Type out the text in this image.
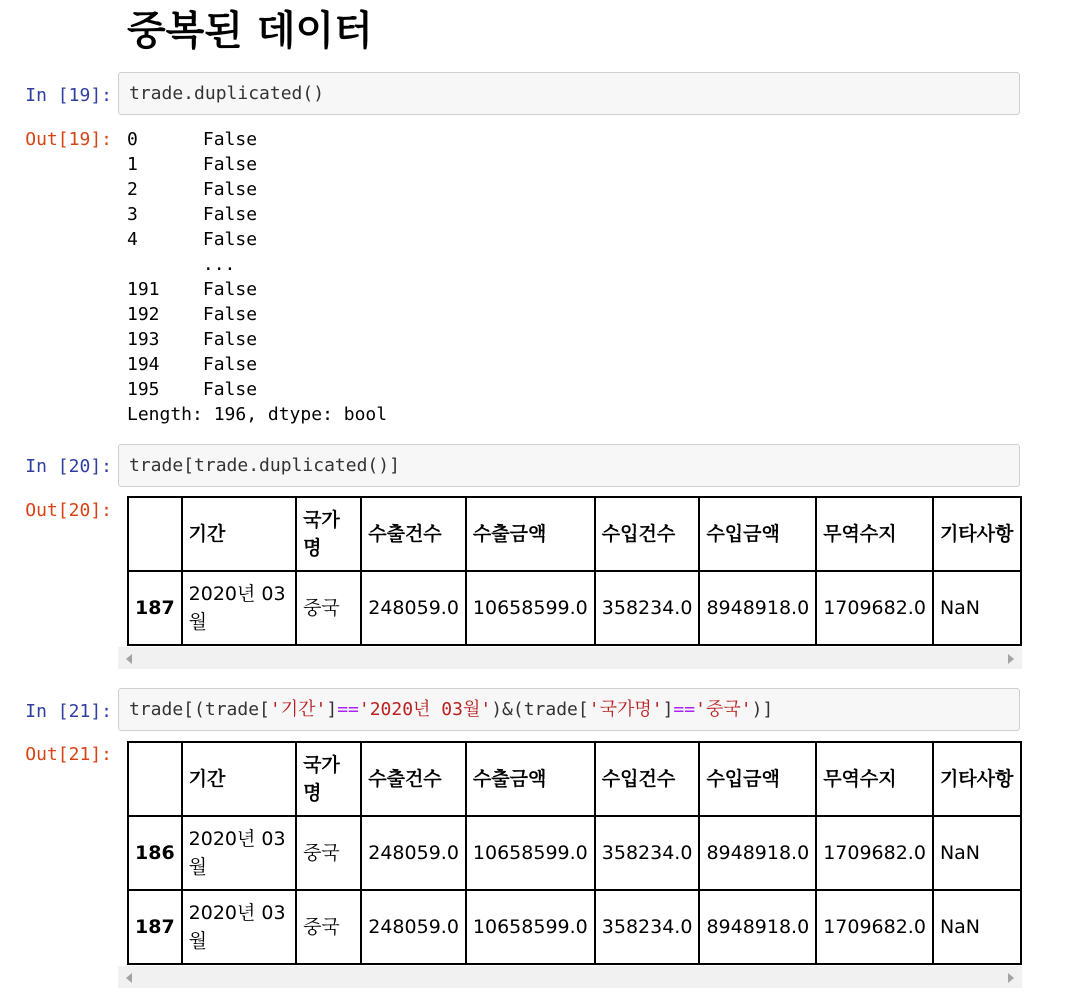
중복된 데이터
In [19]: trade.duplicated()
Out[19]: 0      False
1      False
2      False
3      False
4      False
...
191    False
192    False
193    False
194    False
195    False
Length: 196, dtype: bool
In [20]: trade[trade.duplicated()]
Out[20]:
	기간	국가명	수출건수	수출금액	수입건수	수입금액	무역수지	기타사항
187	2020년 03월	중국	248059.0	10658599.0	358234.0	8948918.0	1709682.0	NaN
In [21]: trade[(trade['기간']=='2020년 03월')&(trade['국가명']=='중국')]
Out[21]:
	기간	국가명	수출건수	수출금액	수입건수	수입금액	무역수지	기타사항
186	2020년 03월	중국	248059.0	10658599.0	358234.0	8948918.0	1709682.0	NaN
187	2020년 03월	중국	248059.0	10658599.0	358234.0	8948918.0	1709682.0	NaN
